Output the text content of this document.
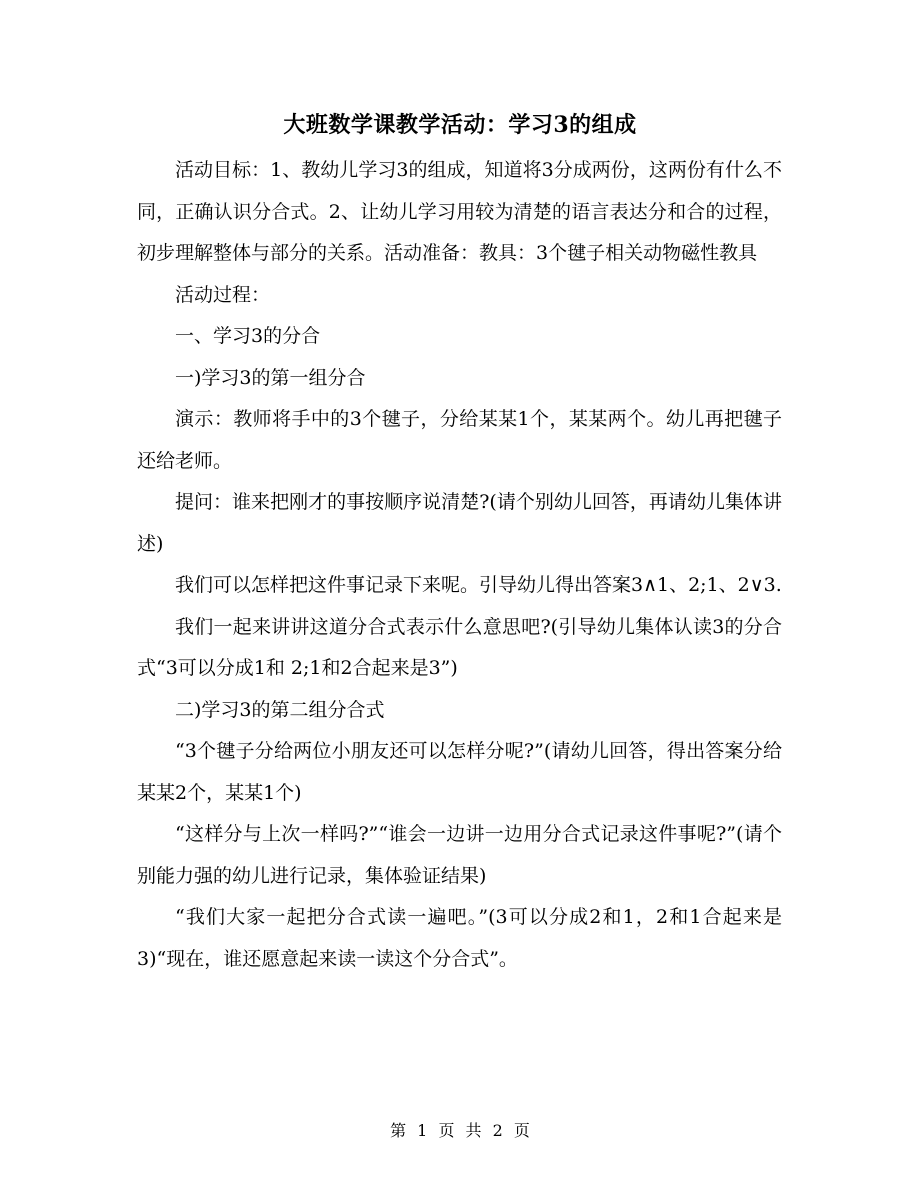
大班数学课教学活动：学习3的组成

活动目标：1、教幼儿学习3的组成，知道将3分成两份，这两份有什么不同，正确认识分合式。2、让幼儿学习用较为清楚的语言表达分和合的过程，初步理解整体与部分的关系。活动准备：教具：3个毽子相关动物磁性教具

活动过程：

一、学习3的分合

一)学习3的第一组分合

演示：教师将手中的3个毽子，分给某某1个，某某两个。幼儿再把毽子还给老师。

提问：谁来把刚才的事按顺序说清楚?(请个别幼儿回答，再请幼儿集体讲述)

我们可以怎样把这件事记录下来呢。引导幼儿得出答案3∧1、2;1、2∨3.

我们一起来讲讲这道分合式表示什么意思吧?(引导幼儿集体认读3的分合式“3可以分成1和 2;1和2合起来是3”)

二)学习3的第二组分合式

“3个毽子分给两位小朋友还可以怎样分呢?”(请幼儿回答，得出答案分给某某2个，某某1个)

“这样分与上次一样吗?”“谁会一边讲一边用分合式记录这件事呢?”(请个别能力强的幼儿进行记录，集体验证结果)

“我们大家一起把分合式读一遍吧。”(3可以分成2和1，2和1合起来是3)“现在，谁还愿意起来读一读这个分合式”。

第 1 页 共 2 页
